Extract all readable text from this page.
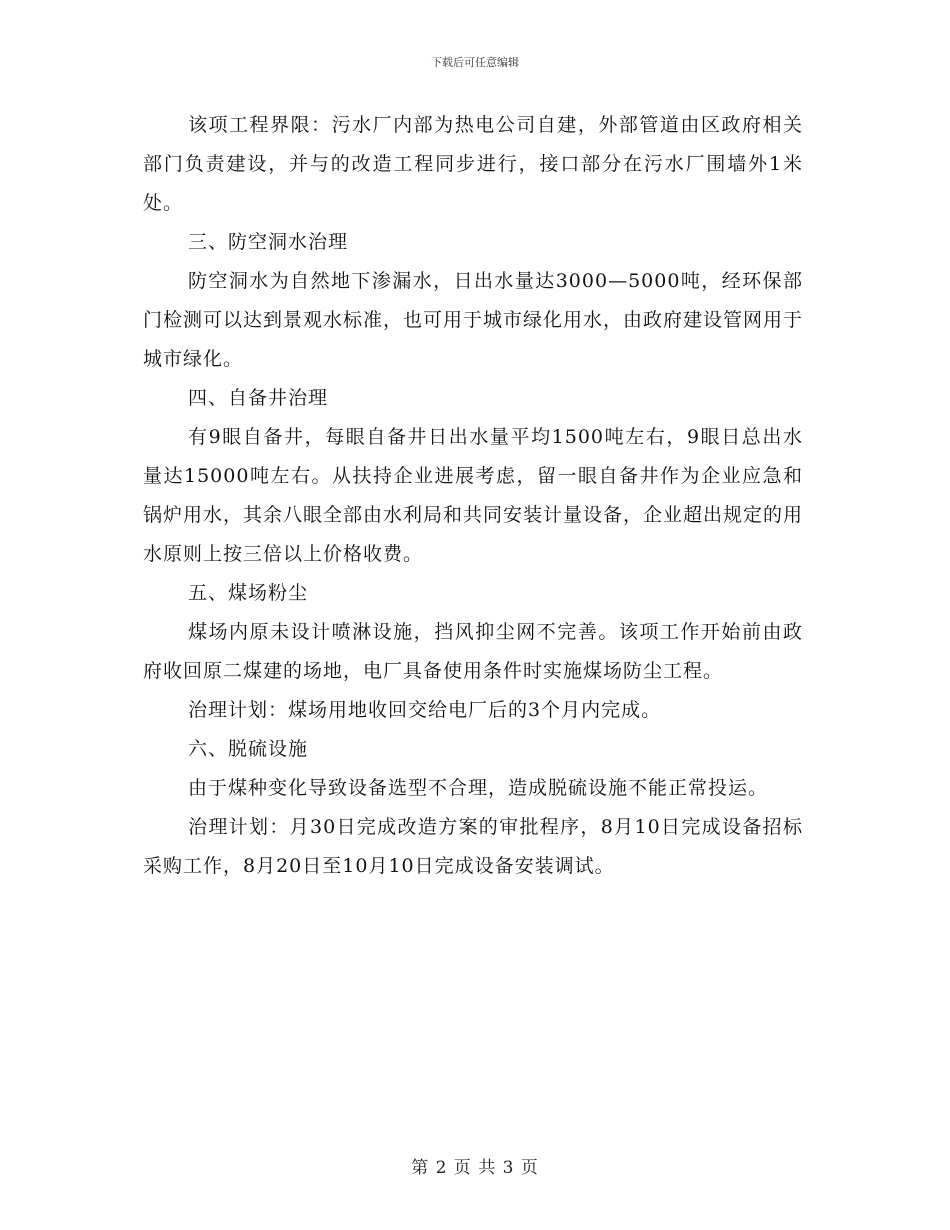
下载后可任意编辑

该项工程界限：污水厂内部为热电公司自建，外部管道由区政府相关部门负责建设，并与的改造工程同步进行，接口部分在污水厂围墙外1米处。

三、防空洞水治理

防空洞水为自然地下渗漏水，日出水量达3000—5000吨，经环保部门检测可以达到景观水标准，也可用于城市绿化用水，由政府建设管网用于城市绿化。

四、自备井治理

有9眼自备井，每眼自备井日出水量平均1500吨左右，9眼日总出水量达15000吨左右。从扶持企业进展考虑，留一眼自备井作为企业应急和锅炉用水，其余八眼全部由水利局和共同安装计量设备，企业超出规定的用水原则上按三倍以上价格收费。

五、煤场粉尘

煤场内原未设计喷淋设施，挡风抑尘网不完善。该项工作开始前由政府收回原二煤建的场地，电厂具备使用条件时实施煤场防尘工程。

治理计划：煤场用地收回交给电厂后的3个月内完成。

六、脱硫设施

由于煤种变化导致设备选型不合理，造成脱硫设施不能正常投运。

治理计划：月30日完成改造方案的审批程序，8月10日完成设备招标采购工作，8月20日至10月10日完成设备安装调试。

第 2 页 共 3 页
